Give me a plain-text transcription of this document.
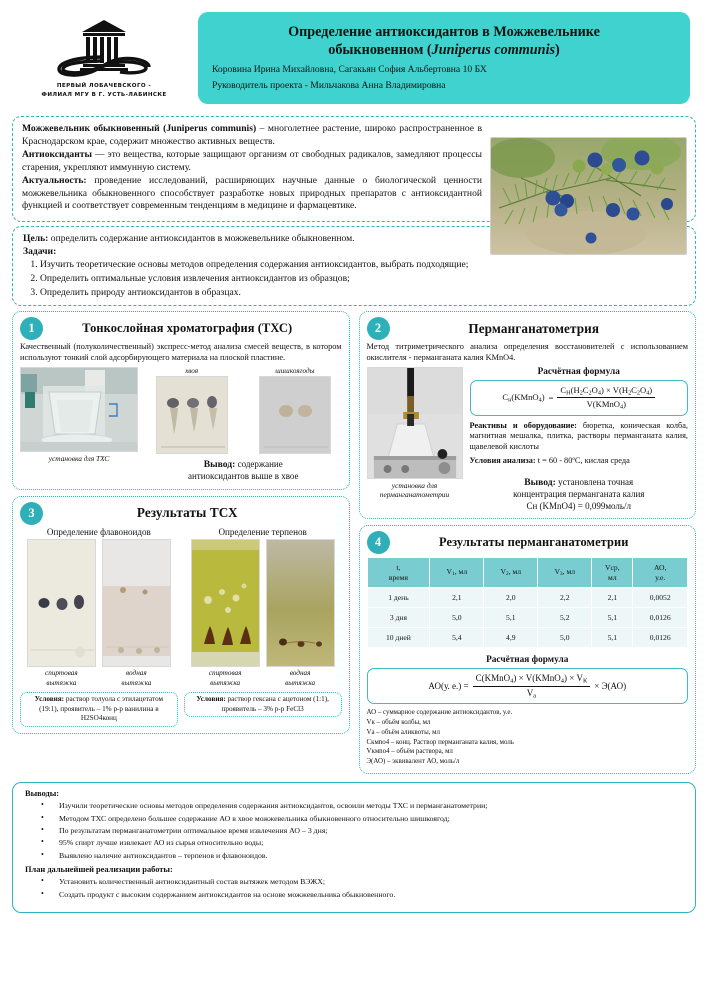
ПЕРВЫЙ ЛОБАЧЕВСКОГО -
ФИЛИАЛ МГУ В Г. УСТЬ-ЛАБИНСКЕ
Определение антиоксидантов в Можжевельнике
обыкновенном (Juniperus communis)
Коровина Ирина Михайловна, Сагакьян София Альбертовна 10 БХ
Руководитель проекта - Мильчакова Анна Владимировна

Можжевельник обыкновенный (Juniperus communis) – многолетнее растение, широко распространенное в Краснодарском крае, содержит множество активных веществ.

Антиоксиданты — это вещества, которые защищают организм от свободных радикалов, замедляют процессы старения, укрепляют иммунную систему.

Актуальность: проведение исследований, расширяющих научные данные о биологической ценности можжевельника обыкновенного способствует разработке новых природных препаратов с антиоксидантной функцией и соответствует современным тенденциям в медицине и фармацевтике.

Цель: определить содержание антиоксидантов в можжевельнике обыкновенном.

Задачи:

1. Изучить теоретические основы методов определения содержания антиоксидантов, выбрать подходящие;
2. Определить оптимальные условия извлечения антиоксидантов из образцов;
3. Определить природу антиоксидантов в образцах.
1	Тонкослойная хроматография (ТХС)

Качественный (полуколичественный) экспресс-метод анализа смесей веществ, в котором используют тонкий слой адсорбирующего материала на плоской пластине.

установка для ТХС
хвоя	шишкоягоды
Вывод: содержание
антиоксидантов выше в хвое
3	Результаты ТСХ
Определение флавоноидов
спиртовая
вытяжка
водная
вытяжка
Условия: раствор толуола с этилацетатом (19:1), проявитель – 1% р-р ванилина в H2SO4конц
Определение терпенов
спиртовая
вытяжка
водная
вытяжка
Условия: раствор гексана с ацетоном (1:1), проявитель – 3% р-р FeCl3
2	Перманганатометрия

Метод титриметрического анализа определения восстановителей с использованием окислителя - перманганата калия KMnO4.

установка для
перманганатометрии
Расчётная формула
$C_н(KMnO_4) = \frac{C_H(H_2C_2O_4) \times V(H_2C_2O_4)}{V(KMnO_4)}$

Реактивы и оборудование: бюретка, коническая колба, магнитная мешалка, плитка, растворы перманганата калия, щавелевой кислоты

Условия анализа: t = 60 - 80ºC, кислая среда

Вывод: установлена точная
концентрация перманганата калия
Cн (KMnO4) = 0,099моль/л
4	Результаты перманганатометрии
t,
время	$V_1$, мл	$V_2$, мл	$V_3$, мл	Vср,
мл	АО,
у.е.
1 день	2,1	2,0	2,2	2,1	0,0052
3 дня	5,0	5,1	5,2	5,1	0,0126
10 дней	5,4	4,9	5,0	5,1	0,0126
Расчётная формула
АО(у. $е.) = \frac{C(KMnO_4) \times V(KMnO_4) \times V_К}{V_а} \times Э(АО)$
АО – суммарное содержание антиоксидантов, у.е.
Vк – объём колбы, мл
Vа – объём аликвоты, мл
Cкмno4 – конц. Раствор перманганата калия, моль
Vкмno4 – объём раствора, мл
Э(АО) – эквивалент АО, моль/л
Выводы:
• Изучили теоретические основы методов определения содержания антиоксидантов, освоили методы ТХС и перманганатометрии;
• Методом ТХС определено большее содержание АО в хвое можжевельника обыкновенного относительно шишкоягод;
• По результатам перманганатометрии оптимальное время извлечения АО – 3 дня;
• 95% спирт лучше извлекает АО из сырья относительно воды;
• Выявлено наличие антиоксидантов – терпенов и флавоноидов.
План дальнейшей реализации работы:
• Установить количественный антиоксидантный состав вытяжек методом ВЭЖХ;
• Создать продукт с высоким содержанием антиоксидантов на основе можжевельника обыкновенного.
